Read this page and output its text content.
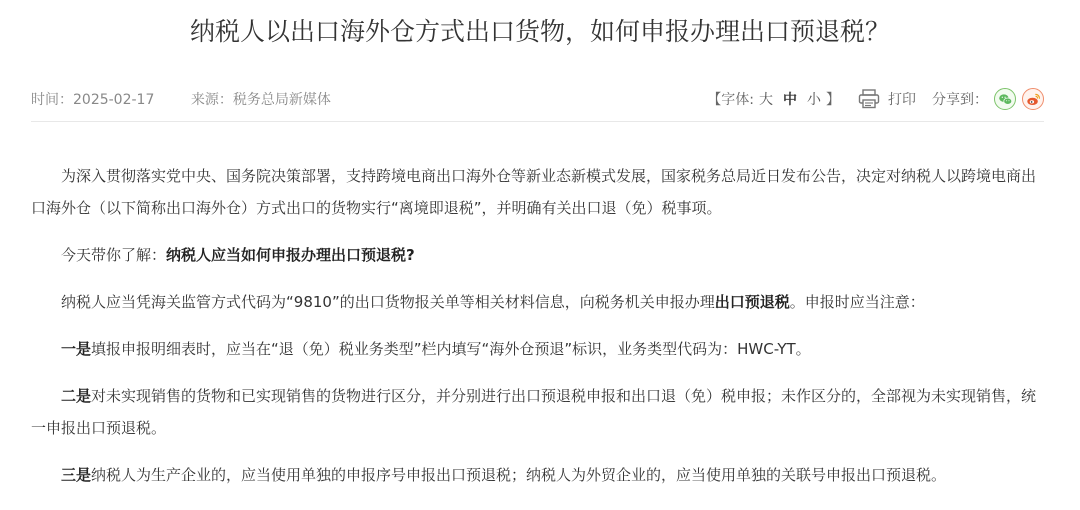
纳税人以出口海外仓方式出口货物，如何申报办理出口预退税？
时间：2025-02-17	来源：税务总局新媒体	【字体: 大 中 小 】	打印 分享到：

为深入贯彻落实党中央、国务院决策部署，支持跨境电商出口海外仓等新业态新模式发展，国家税务总局近日发布公告，决定对纳税人以跨境电商出口海外仓（以下简称出口海外仓）方式出口的货物实行“离境即退税”，并明确有关出口退（免）税事项。

今天带你了解：纳税人应当如何申报办理出口预退税?

纳税人应当凭海关监管方式代码为“9810”的出口货物报关单等相关材料信息，向税务机关申报办理出口预退税。申报时应当注意：

一是填报申报明细表时，应当在“退（免）税业务类型”栏内填写“海外仓预退”标识，业务类型代码为：HWC-YT。

二是对未实现销售的货物和已实现销售的货物进行区分，并分别进行出口预退税申报和出口退（免）税申报；未作区分的，全部视为未实现销售，统一申报出口预退税。

三是纳税人为生产企业的，应当使用单独的申报序号申报出口预退税；纳税人为外贸企业的，应当使用单独的关联号申报出口预退税。
